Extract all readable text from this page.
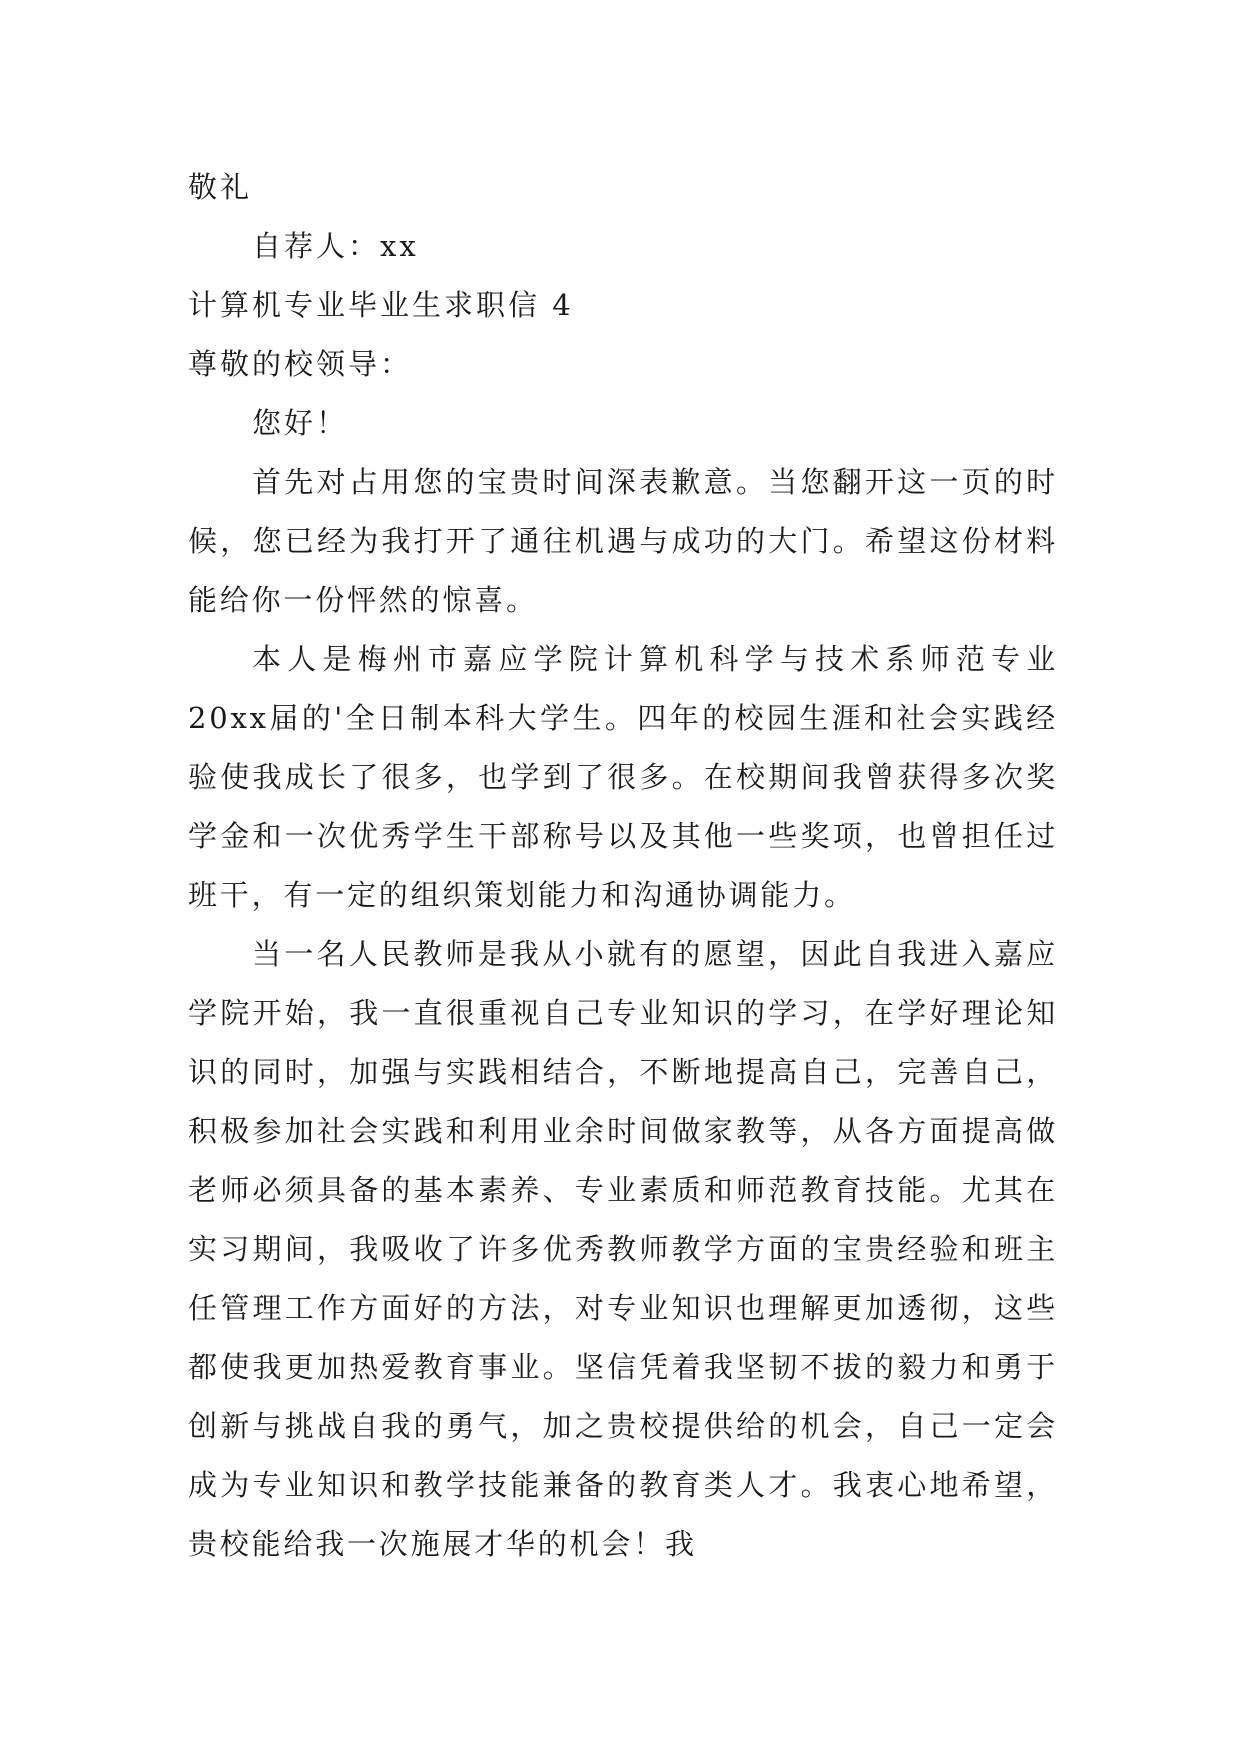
敬礼

自荐人：xx

计算机专业毕业生求职信 4

尊敬的校领导：

您好！

首先对占用您的宝贵时间深表歉意。当您翻开这一页的时候，您已经为我打开了通往机遇与成功的大门。希望这份材料能给你一份怦然的惊喜。

本人是梅州市嘉应学院计算机科学与技术系师范专业20xx届的'全日制本科大学生。四年的校园生涯和社会实践经验使我成长了很多，也学到了很多。在校期间我曾获得多次奖学金和一次优秀学生干部称号以及其他一些奖项，也曾担任过班干，有一定的组织策划能力和沟通协调能力。

当一名人民教师是我从小就有的愿望，因此自我进入嘉应学院开始，我一直很重视自己专业知识的学习，在学好理论知识的同时，加强与实践相结合，不断地提高自己，完善自己，积极参加社会实践和利用业余时间做家教等，从各方面提高做老师必须具备的基本素养、专业素质和师范教育技能。尤其在实习期间，我吸收了许多优秀教师教学方面的宝贵经验和班主任管理工作方面好的方法，对专业知识也理解更加透彻，这些都使我更加热爱教育事业。坚信凭着我坚韧不拔的毅力和勇于创新与挑战自我的勇气，加之贵校提供给的机会，自己一定会成为专业知识和教学技能兼备的教育类人才。我衷心地希望，贵校能给我一次施展才华的机会！我
